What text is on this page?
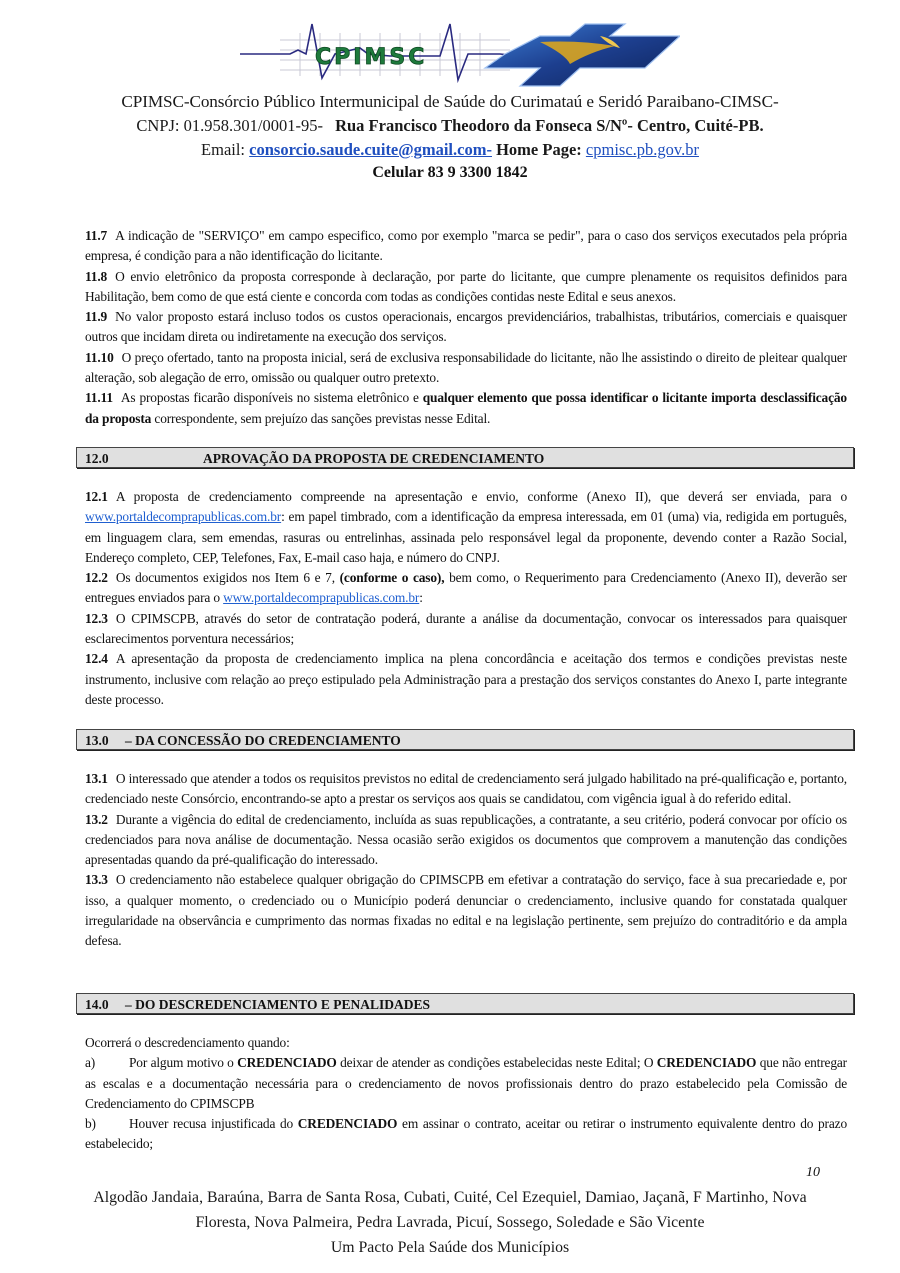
CPIMSC
CPIMSC-Consórcio Público Intermunicipal de Saúde do Curimataú e Seridó Paraibano-CIMSC-
CNPJ: 01.958.301/0001-95- Rua Francisco Theodoro da Fonseca S/Nº- Centro, Cuité-PB.
Email: consorcio.saude.cuite@gmail.com- Home Page: cpmisc.pb.gov.br
Celular 83 9 3300 1842

11.7 A indicação de "SERVIÇO" em campo especifico, como por exemplo "marca se pedir", para o caso dos serviços executados pela própria empresa, é condição para a não identificação do licitante.

11.8 O envio eletrônico da proposta corresponde à declaração, por parte do licitante, que cumpre plenamente os requisitos definidos para Habilitação, bem como de que está ciente e concorda com todas as condições contidas neste Edital e seus anexos.

11.9 No valor proposto estará incluso todos os custos operacionais, encargos previdenciários, trabalhistas, tributários, comerciais e quaisquer outros que incidam direta ou indiretamente na execução dos serviços.

11.10 O preço ofertado, tanto na proposta inicial, será de exclusiva responsabilidade do licitante, não lhe assistindo o direito de pleitear qualquer alteração, sob alegação de erro, omissão ou qualquer outro pretexto.

11.11 As propostas ficarão disponíveis no sistema eletrônico e qualquer elemento que possa identificar o licitante importa desclassificação da proposta correspondente, sem prejuízo das sanções previstas nesse Edital.

12.0	APROVAÇÃO DA PROPOSTA DE CREDENCIAMENTO

12.1 A proposta de credenciamento compreende na apresentação e envio, conforme (Anexo II), que deverá ser enviada, para o www.portaldecomprapublicas.com.br: em papel timbrado, com a identificação da empresa interessada, em 01 (uma) via, redigida em português, em linguagem clara, sem emendas, rasuras ou entrelinhas, assinada pelo responsável legal da proponente, devendo conter a Razão Social, Endereço completo, CEP, Telefones, Fax, E-mail caso haja, e número do CNPJ.

12.2 Os documentos exigidos nos Item 6 e 7, (conforme o caso), bem como, o Requerimento para Credenciamento (Anexo II), deverão ser entregues enviados para o www.portaldecomprapublicas.com.br:

12.3 O CPIMSCPB, através do setor de contratação poderá, durante a análise da documentação, convocar os interessados para quaisquer esclarecimentos porventura necessários;

12.4 A apresentação da proposta de credenciamento implica na plena concordância e aceitação dos termos e condições previstas neste instrumento, inclusive com relação ao preço estipulado pela Administração para a prestação dos serviços constantes do Anexo I, parte integrante deste processo.

13.0 – DA CONCESSÃO DO CREDENCIAMENTO

13.1 O interessado que atender a todos os requisitos previstos no edital de credenciamento será julgado habilitado na pré-qualificação e, portanto, credenciado neste Consórcio, encontrando-se apto a prestar os serviços aos quais se candidatou, com vigência igual à do referido edital.

13.2 Durante a vigência do edital de credenciamento, incluída as suas republicações, a contratante, a seu critério, poderá convocar por ofício os credenciados para nova análise de documentação. Nessa ocasião serão exigidos os documentos que comprovem a manutenção das condições apresentadas quando da pré-qualificação do interessado.

13.3 O credenciamento não estabelece qualquer obrigação do CPIMSCPB em efetivar a contratação do serviço, face à sua precariedade e, por isso, a qualquer momento, o credenciado ou o Município poderá denunciar o credenciamento, inclusive quando for constatada qualquer irregularidade na observância e cumprimento das normas fixadas no edital e na legislação pertinente, sem prejuízo do contraditório e da ampla defesa.

14.0 – DO DESCREDENCIAMENTO E PENALIDADES

Ocorrerá o descredenciamento quando:

a)	Por algum motivo o CREDENCIADO deixar de atender as condições estabelecidas neste Edital; O CREDENCIADO que não entregar as escalas e a documentação necessária para o credenciamento de novos profissionais dentro do prazo estabelecido pela Comissão de Credenciamento do CPIMSCPB

b) Houver recusa injustificada do CREDENCIADO em assinar o contrato, aceitar ou retirar o instrumento equivalente dentro do prazo estabelecido;

10
Algodão Jandaia, Baraúna, Barra de Santa Rosa, Cubati, Cuité, Cel Ezequiel, Damiao, Jaçanã, F Martinho, Nova
Floresta, Nova Palmeira, Pedra Lavrada, Picuí, Sossego, Soledade e São Vicente
Um Pacto Pela Saúde dos Municípios
